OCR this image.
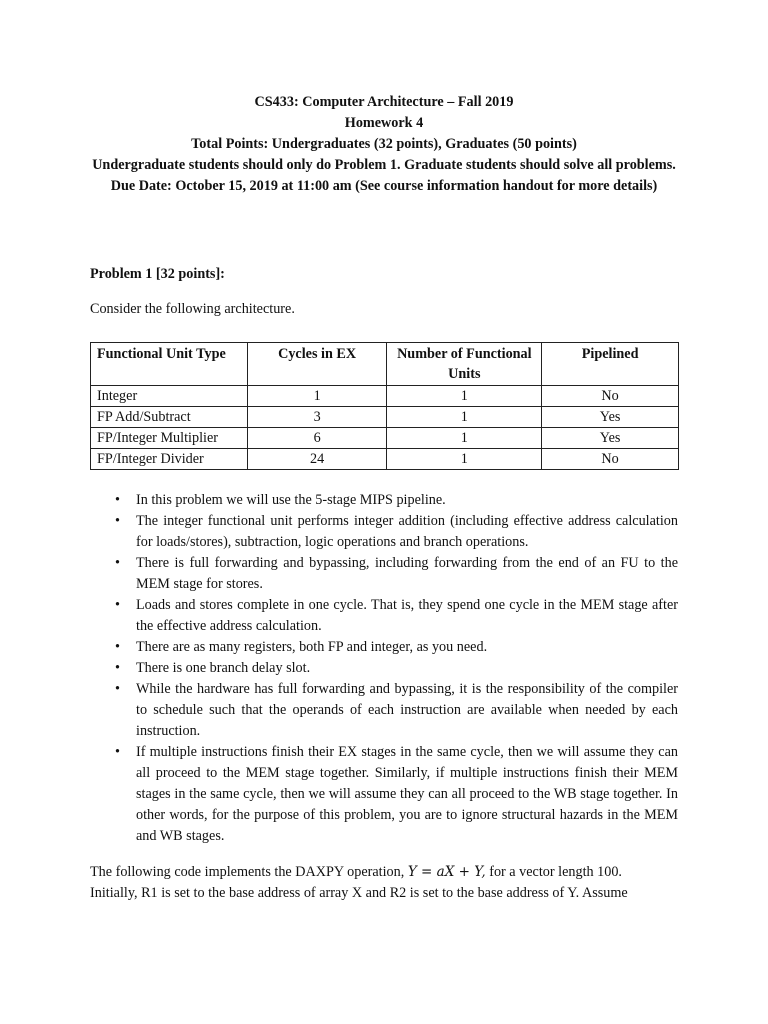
CS433: Computer Architecture – Fall 2019
Homework 4
Total Points: Undergraduates (32 points), Graduates (50 points)
Undergraduate students should only do Problem 1. Graduate students should solve all problems.
Due Date: October 15, 2019 at 11:00 am (See course information handout for more details)
Problem 1 [32 points]:
Consider the following architecture.
Functional Unit Type	Cycles in EX	Number of Functional Units	Pipelined
Integer	1	1	No
FP Add/Subtract	3	1	Yes
FP/Integer Multiplier	6	1	Yes
FP/Integer Divider	24	1	No
• In this problem we will use the 5-stage MIPS pipeline.
• The integer functional unit performs integer addition (including effective address calculation for loads/stores), subtraction, logic operations and branch operations.
• There is full forwarding and bypassing, including forwarding from the end of an FU to the MEM stage for stores.
• Loads and stores complete in one cycle. That is, they spend one cycle in the MEM stage after the effective address calculation.
• There are as many registers, both FP and integer, as you need.
• There is one branch delay slot.
• While the hardware has full forwarding and bypassing, it is the responsibility of the compiler to schedule such that the operands of each instruction are available when needed by each instruction.
• If multiple instructions finish their EX stages in the same cycle, then we will assume they can all proceed to the MEM stage together. Similarly, if multiple instructions finish their MEM stages in the same cycle, then we will assume they can all proceed to the WB stage together. In other words, for the purpose of this problem, you are to ignore structural hazards in the MEM and WB stages.
The following code implements the DAXPY operation, Y = aX + Y, for a vector length 100.
Initially, R1 is set to the base address of array X and R2 is set to the base address of Y. Assume
